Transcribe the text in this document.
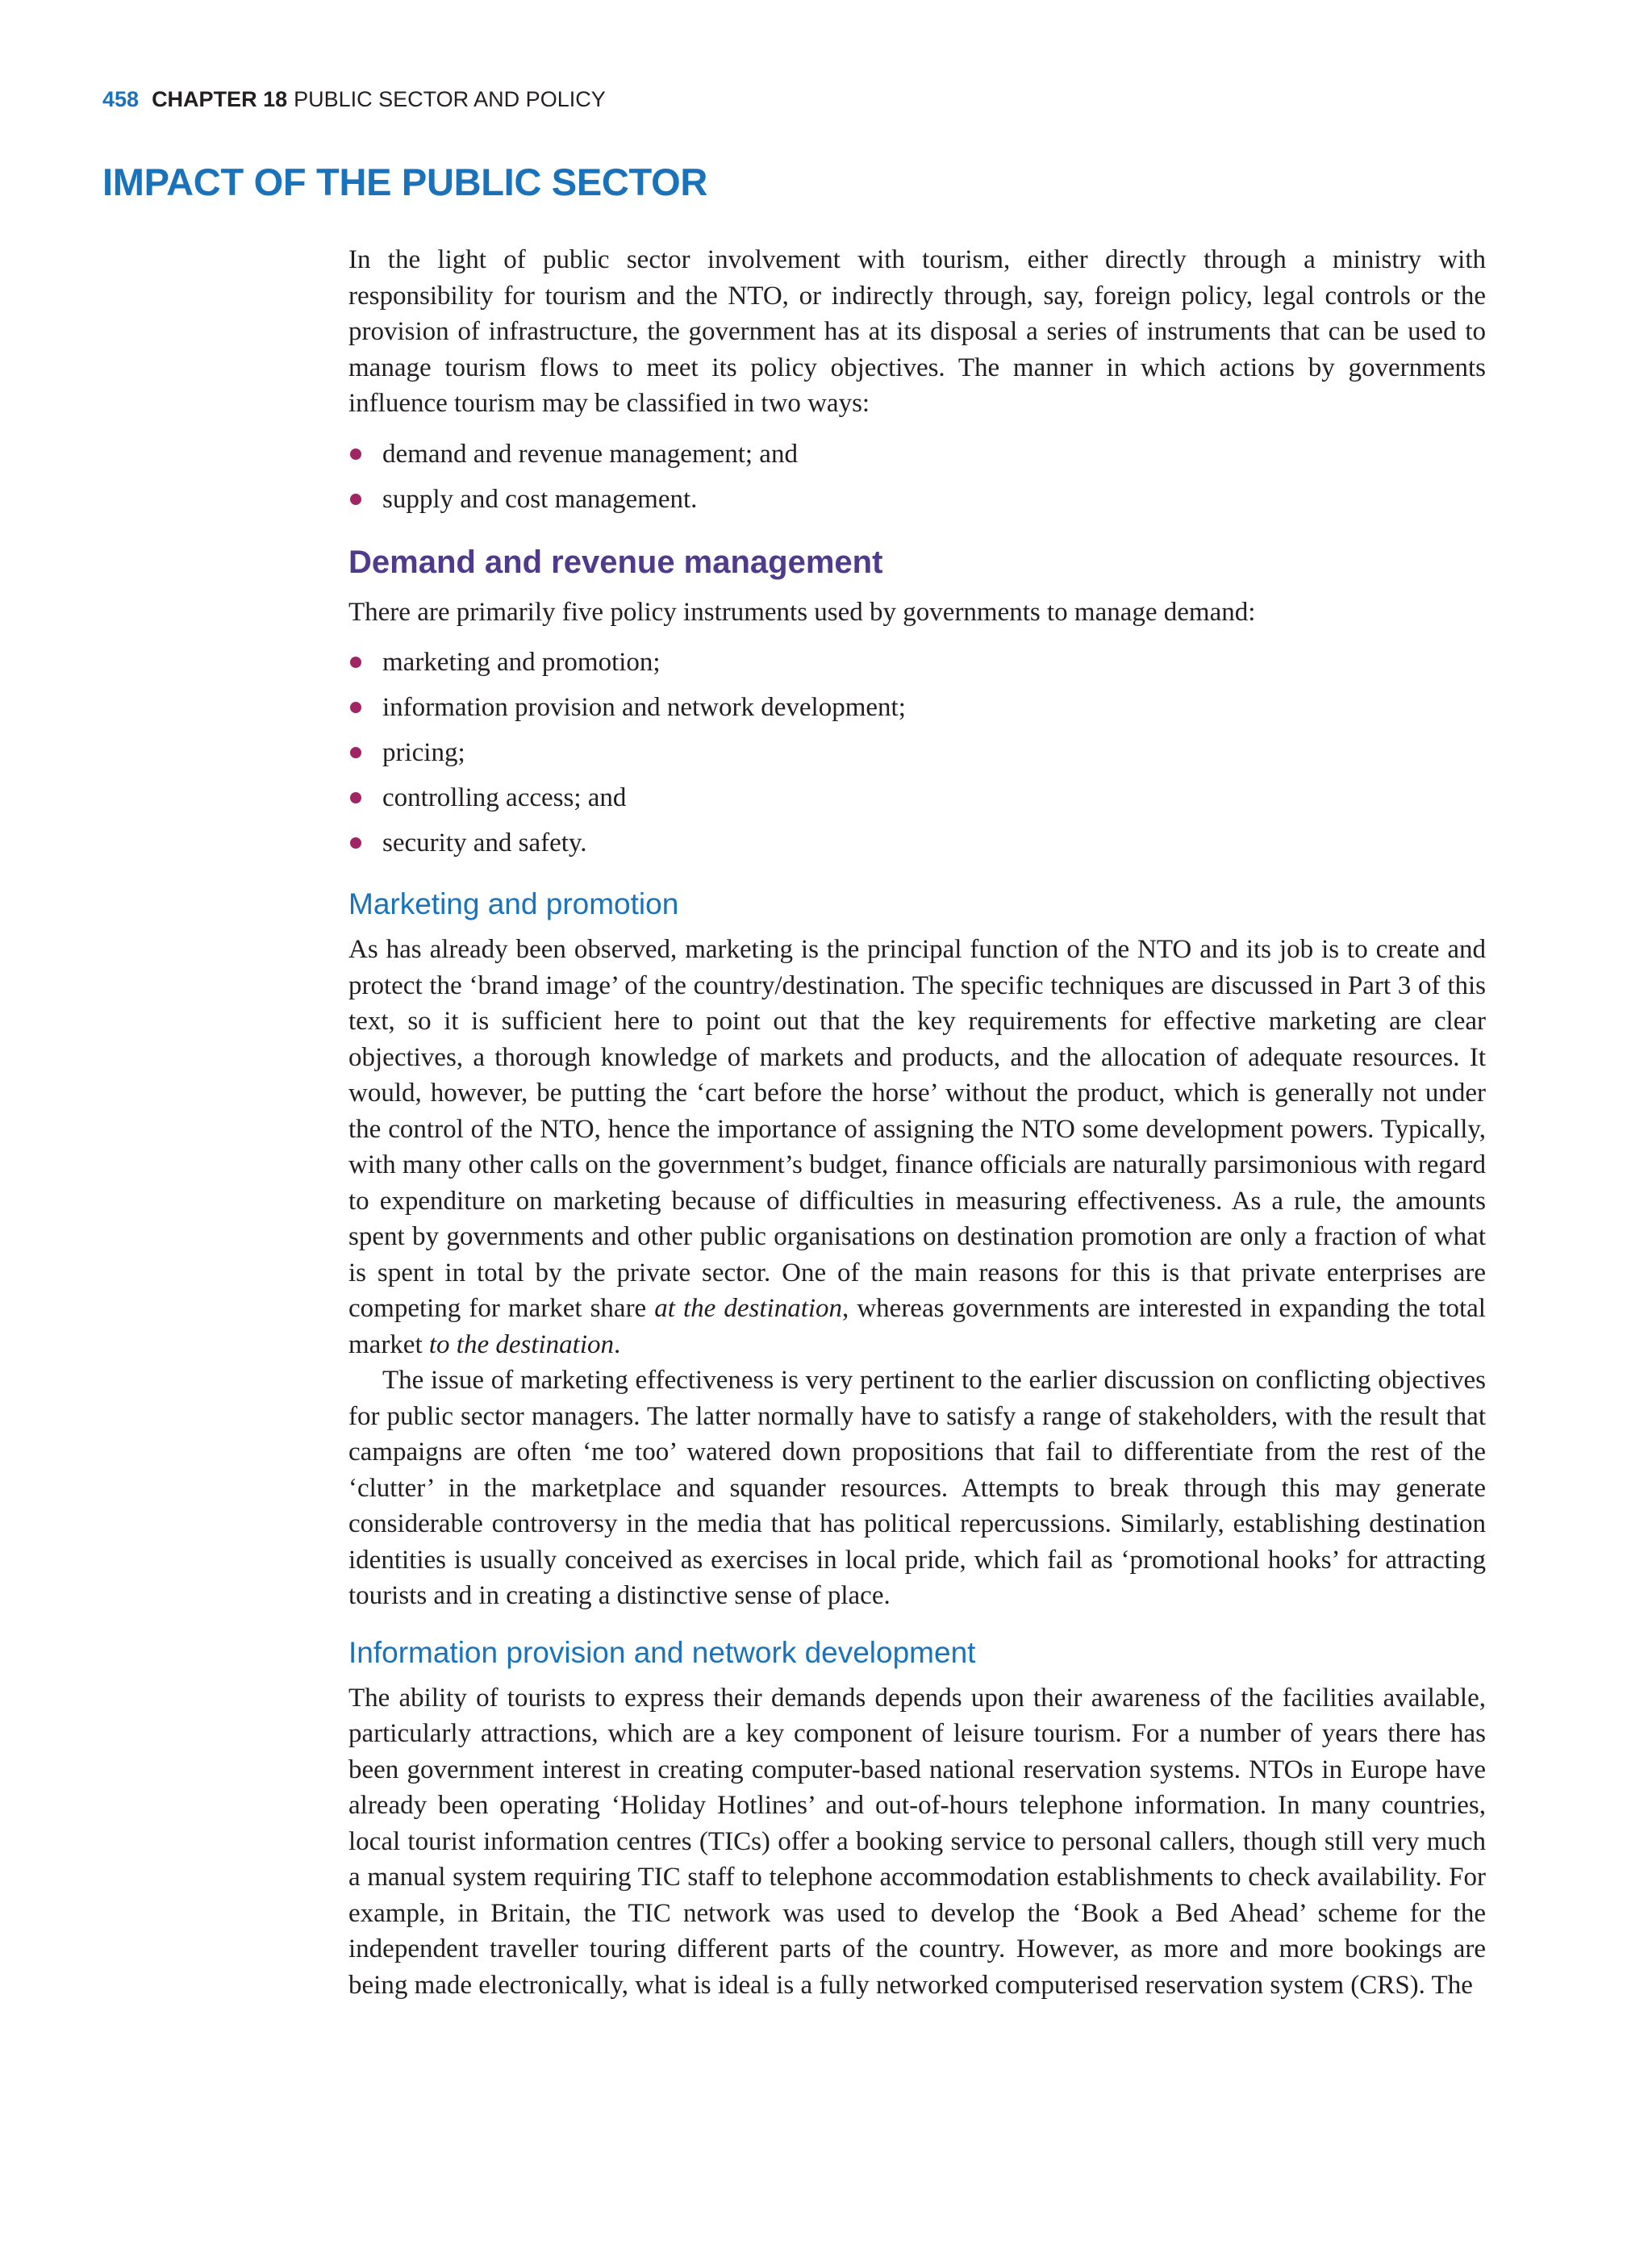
458 CHAPTER 18 PUBLIC SECTOR AND POLICY
IMPACT OF THE PUBLIC SECTOR

In the light of public sector involvement with tourism, either directly through a ministry with responsibility for tourism and the NTO, or indirectly through, say, foreign policy, legal controls or the provision of infrastructure, the government has at its disposal a series of instruments that can be used to manage tourism flows to meet its policy objectives. The manner in which actions by governments influence tourism may be classified in two ways:

demand and revenue management; and
supply and cost management.
Demand and revenue management

There are primarily five policy instruments used by governments to manage demand:

marketing and promotion;
information provision and network development;
pricing;
controlling access; and
security and safety.
Marketing and promotion

As has already been observed, marketing is the principal function of the NTO and its job is to create and protect the ‘brand image’ of the country/destination. The specific techniques are discussed in Part 3 of this text, so it is sufficient here to point out that the key requirements for effective marketing are clear objectives, a thorough knowledge of markets and products, and the allocation of adequate resources. It would, however, be putting the ‘cart before the horse’ without the product, which is generally not under the control of the NTO, hence the importance of assigning the NTO some development powers. Typically, with many other calls on the government’s budget, finance officials are naturally parsimonious with regard to expenditure on marketing because of difficulties in measuring effectiveness. As a rule, the amounts spent by governments and other public organisations on destination promotion are only a fraction of what is spent in total by the private sector. One of the main reasons for this is that private enterprises are competing for market share at the destination, whereas governments are interested in expanding the total market to the destination.

The issue of marketing effectiveness is very pertinent to the earlier discussion on conflicting objectives for public sector managers. The latter normally have to satisfy a range of stakeholders, with the result that campaigns are often ‘me too’ watered down propositions that fail to differentiate from the rest of the ‘clutter’ in the marketplace and squander resources. Attempts to break through this may generate considerable controversy in the media that has political repercussions. Similarly, establishing destination identities is usually conceived as exercises in local pride, which fail as ‘promotional hooks’ for attracting tourists and in creating a distinctive sense of place.

Information provision and network development

The ability of tourists to express their demands depends upon their awareness of the facilities available, particularly attractions, which are a key component of leisure tourism. For a number of years there has been government interest in creating computer-based national reservation systems. NTOs in Europe have already been operating ‘Holiday Hotlines’ and out-of-hours telephone information. In many countries, local tourist information centres (TICs) offer a booking service to personal callers, though still very much a manual system requiring TIC staff to telephone accommodation establishments to check availability. For example, in Britain, the TIC network was used to develop the ‘Book a Bed Ahead’ scheme for the independent traveller touring different parts of the country. However, as more and more bookings are being made electronically, what is ideal is a fully networked computerised reservation system (CRS). The
